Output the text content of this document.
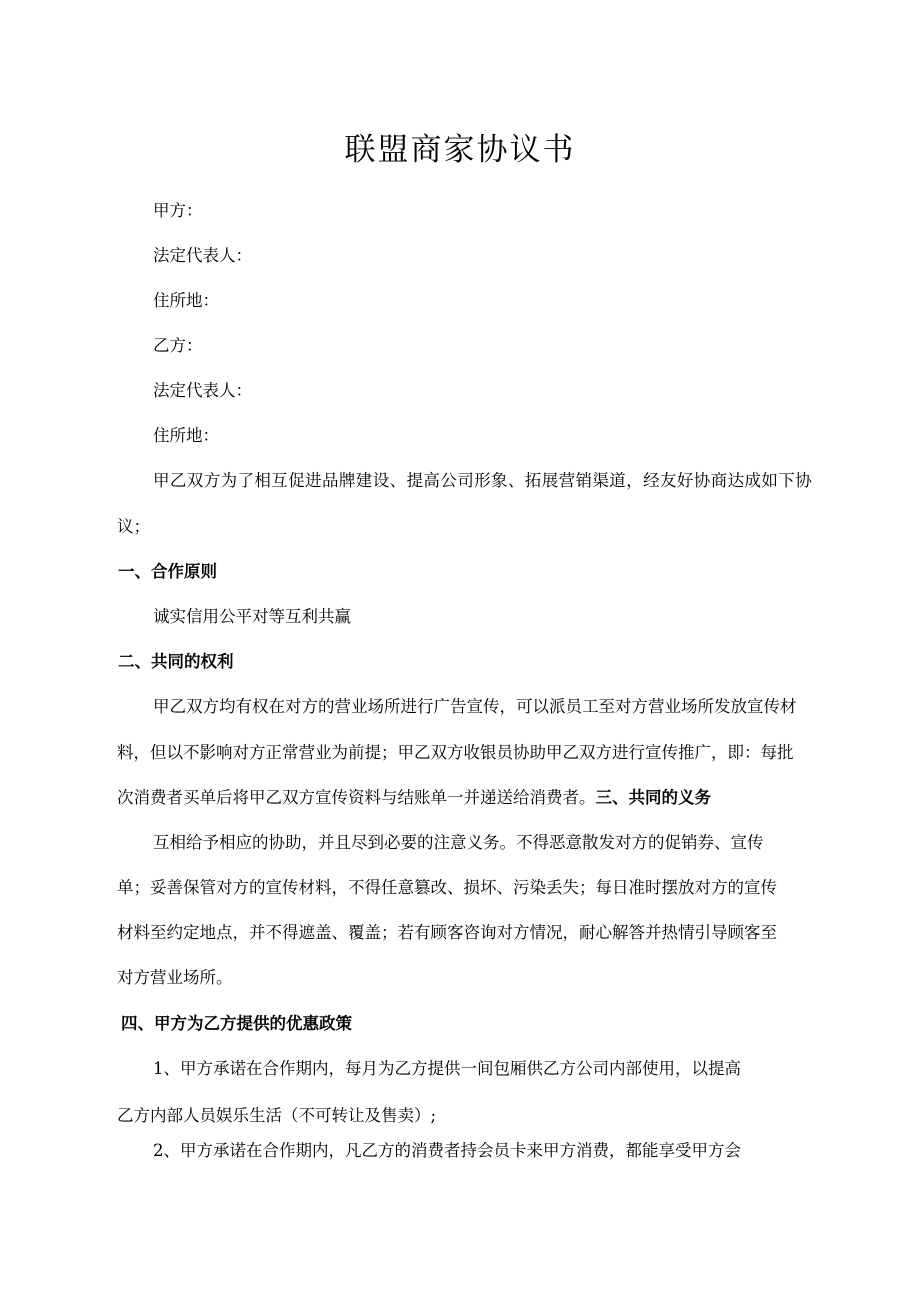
联盟商家协议书

甲方：

法定代表人：

住所地：

乙方：

法定代表人：

住所地：

甲乙双方为了相互促进品牌建设、提高公司形象、拓展营销渠道，经友好协商达成如下协

议；

一、合作原则

诚实信用公平对等互利共赢

二、共同的权利

甲乙双方均有权在对方的营业场所进行广告宣传，可以派员工至对方营业场所发放宣传材

料，但以不影响对方正常营业为前提；甲乙双方收银员协助甲乙双方进行宣传推广，即：每批

次消费者买单后将甲乙双方宣传资料与结账单一并递送给消费者。三、共同的义务

互相给予相应的协助，并且尽到必要的注意义务。不得恶意散发对方的促销券、宣传

单；妥善保管对方的宣传材料，不得任意篡改、损坏、污染丢失；每日准时摆放对方的宣传

材料至约定地点，并不得遮盖、覆盖；若有顾客咨询对方情况，耐心解答并热情引导顾客至

对方营业场所。

四、甲方为乙方提供的优惠政策

1、甲方承诺在合作期内，每月为乙方提供一间包厢供乙方公司内部使用，以提高

乙方内部人员娱乐生活（不可转让及售卖）;

2、甲方承诺在合作期内，凡乙方的消费者持会员卡来甲方消费，都能享受甲方会
